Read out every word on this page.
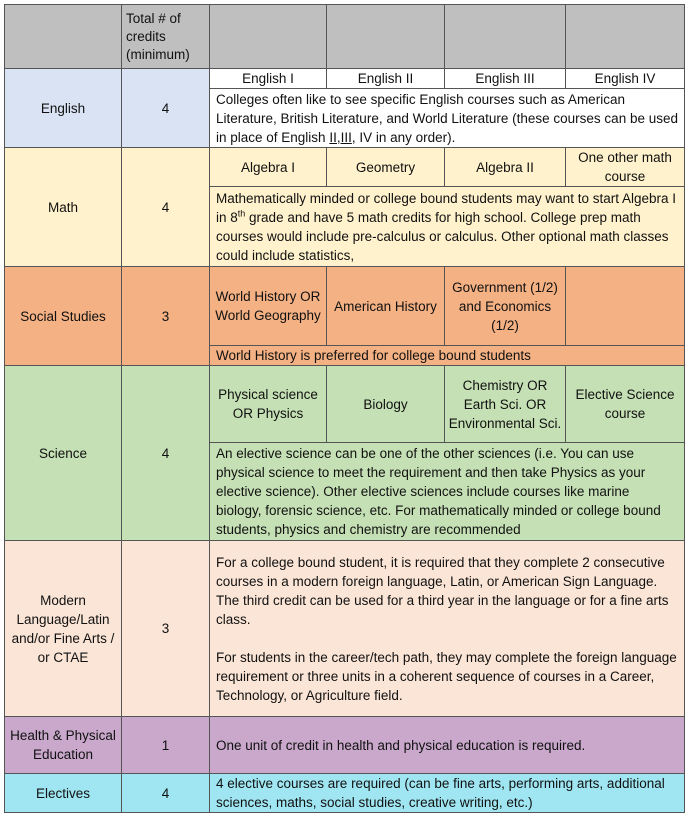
	Total # of credits (minimum)				
English	4	English I	English II	English III	English IV
		Colleges often like to see specific English courses such as American Literature, British Literature, and World Literature (these courses can be used in place of English II,III, IV in any order).			
Math	4	Algebra I	Geometry	Algebra II	One other math course
		Mathematically minded or college bound students may want to start Algebra I in 8th grade and have 5 math credits for high school. College prep math courses would include pre-calculus or calculus. Other optional math classes could include statistics,			
Social Studies	3	World History OR World Geography	American History	Government (1/2) and Economics (1/2)	
		World History is preferred for college bound students			
Science	4	Physical science OR Physics	Biology	Chemistry OR Earth Sci. OR Environmental Sci.	Elective Science course
		An elective science can be one of the other sciences (i.e. You can use physical science to meet the requirement and then take Physics as your elective science). Other elective sciences include courses like marine biology, forensic science, etc. For mathematically minded or college bound students, physics and chemistry are recommended			
Modern Language/Latin and/or Fine Arts / or CTAE	3	For a college bound student, it is required that they complete 2 consecutive courses in a modern foreign language, Latin, or American Sign Language.
The third credit can be used for a third year in the language or for a fine arts class.
For students in the career/tech path, they may complete the foreign language requirement or three units in a coherent sequence of courses in a Career, Technology, or Agriculture field.			

Health & Physical Education	1	One unit of credit in health and physical education is required.			
Electives	4	4 elective courses are required (can be fine arts, performing arts, additional sciences, maths, social studies, creative writing, etc.)			
